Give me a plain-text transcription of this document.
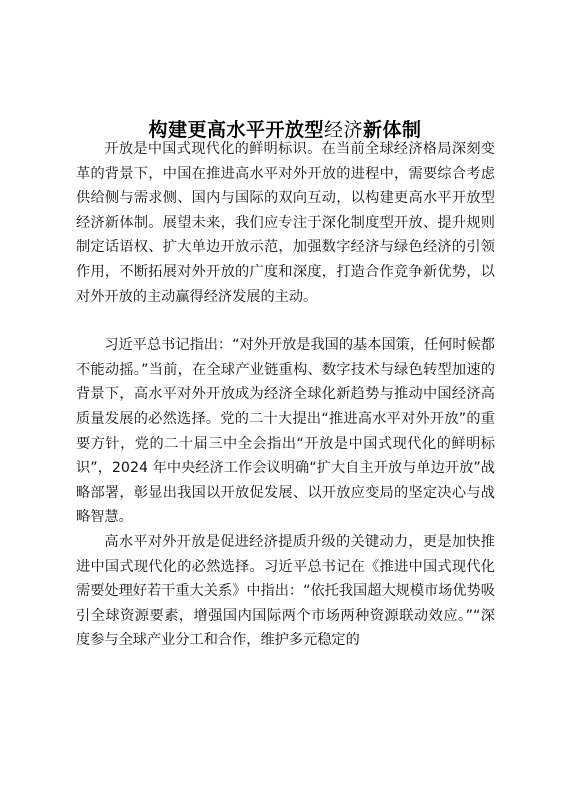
构建更高水平开放型经济新体制

开放是中国式现代化的鲜明标识。在当前全球经济格局深刻变革的背景下，中国在推进高水平对外开放的进程中，需要综合考虑供给侧与需求侧、国内与国际的双向互动，以构建更高水平开放型经济新体制。展望未来，我们应专注于深化制度型开放、提升规则制定话语权、扩大单边开放示范，加强数字经济与绿色经济的引领作用，不断拓展对外开放的广度和深度，打造合作竞争新优势，以对外开放的主动赢得经济发展的主动。

习近平总书记指出：“对外开放是我国的基本国策，任何时候都不能动摇。”当前，在全球产业链重构、数字技术与绿色转型加速的背景下，高水平对外开放成为经济全球化新趋势与推动中国经济高质量发展的必然选择。党的二十大提出“推进高水平对外开放”的重要方针，党的二十届三中全会指出“开放是中国式现代化的鲜明标识”，2024 年中央经济工作会议明确“扩大自主开放与单边开放”战略部署，彰显出我国以开放促发展、以开放应变局的坚定决心与战略智慧。

高水平对外开放是促进经济提质升级的关键动力，更是加快推进中国式现代化的必然选择。习近平总书记在《推进中国式现代化需要处理好若干重大关系》中指出：“依托我国超大规模市场优势吸引全球资源要素，增强国内国际两个市场两种资源联动效应。”“深度参与全球产业分工和合作，维护多元稳定的
